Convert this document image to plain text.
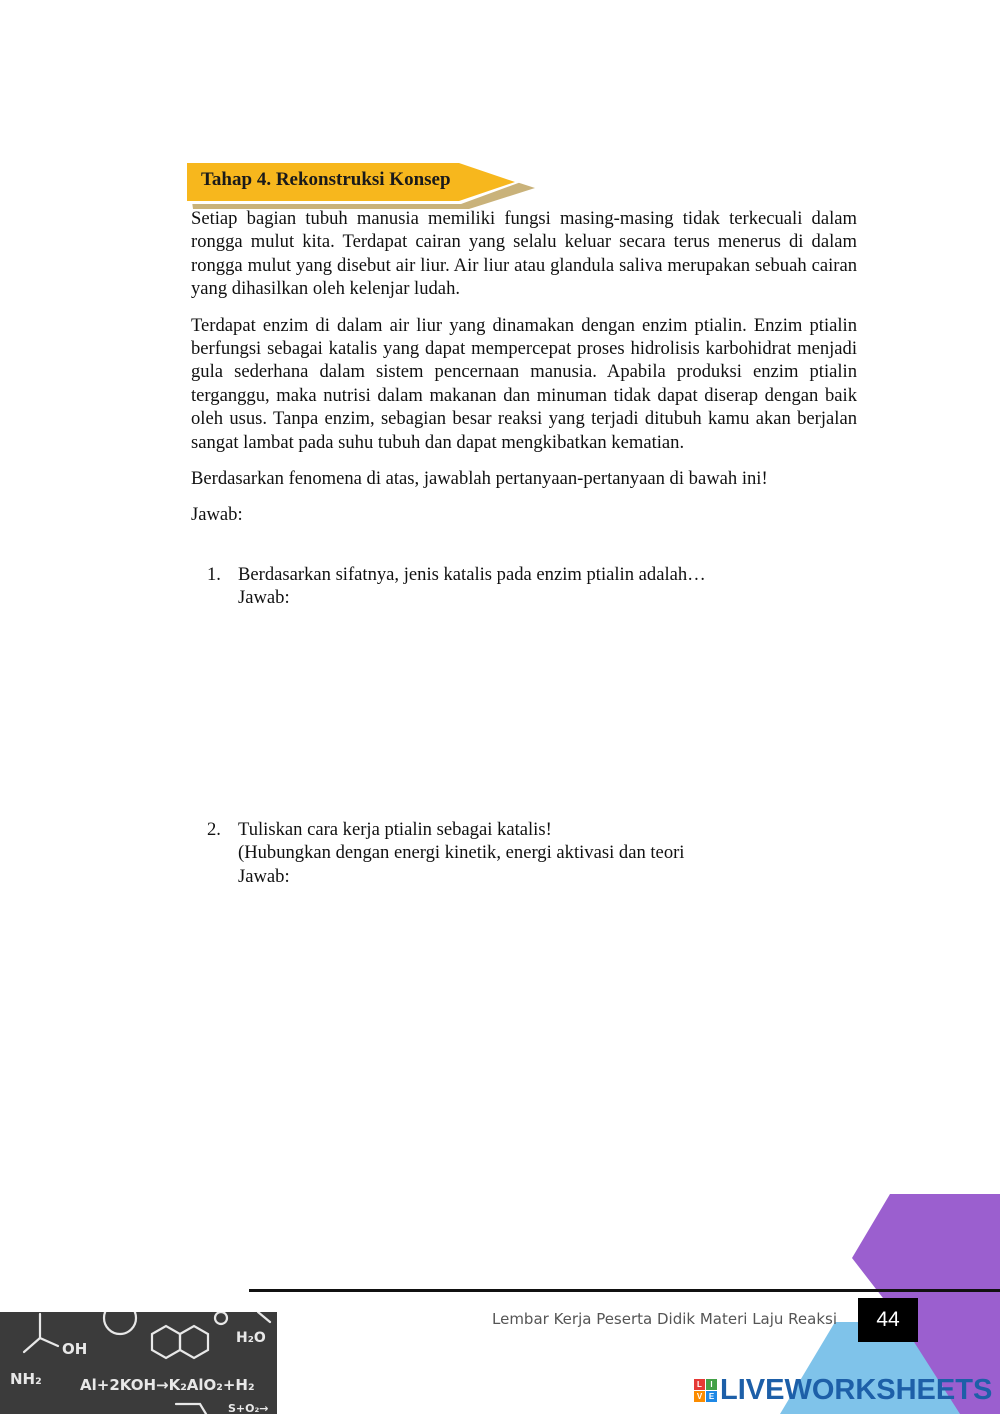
Tahap 4. Rekonstruksi Konsep

Setiap bagian tubuh manusia memiliki fungsi masing-masing tidak terkecuali dalam rongga mulut kita. Terdapat cairan yang selalu keluar secara terus menerus di dalam rongga mulut yang disebut air liur. Air liur atau glandula saliva merupakan sebuah cairan yang dihasilkan oleh kelenjar ludah.

Terdapat enzim di dalam air liur yang dinamakan dengan enzim ptialin. Enzim ptialin berfungsi sebagai katalis yang dapat mempercepat proses hidrolisis karbohidrat menjadi gula sederhana dalam sistem pencernaan manusia. Apabila produksi enzim ptialin terganggu, maka nutrisi dalam makanan dan minuman tidak dapat diserap dengan baik oleh usus. Tanpa enzim, sebagian besar reaksi yang terjadi ditubuh kamu akan berjalan sangat lambat pada suhu tubuh dan dapat mengkibatkan kematian.

Berdasarkan fenomena di atas, jawablah pertanyaan-pertanyaan di bawah ini!

Jawab:

1. Berdasarkan sifatnya, jenis katalis pada enzim ptialin adalah…
Jawab:
2. Tuliskan cara kerja ptialin sebagai katalis!
(Hubungkan dengan energi kinetik, energi aktivasi dan teori
Jawab:
Lembar Kerja Peserta Didik Materi Laju Reaksi	44
OH
NH₂
H₂O
Al+2KOH→K₂AlO₂+H₂
S+O₂→
L	I
V E LIVEWORKSHEETS
